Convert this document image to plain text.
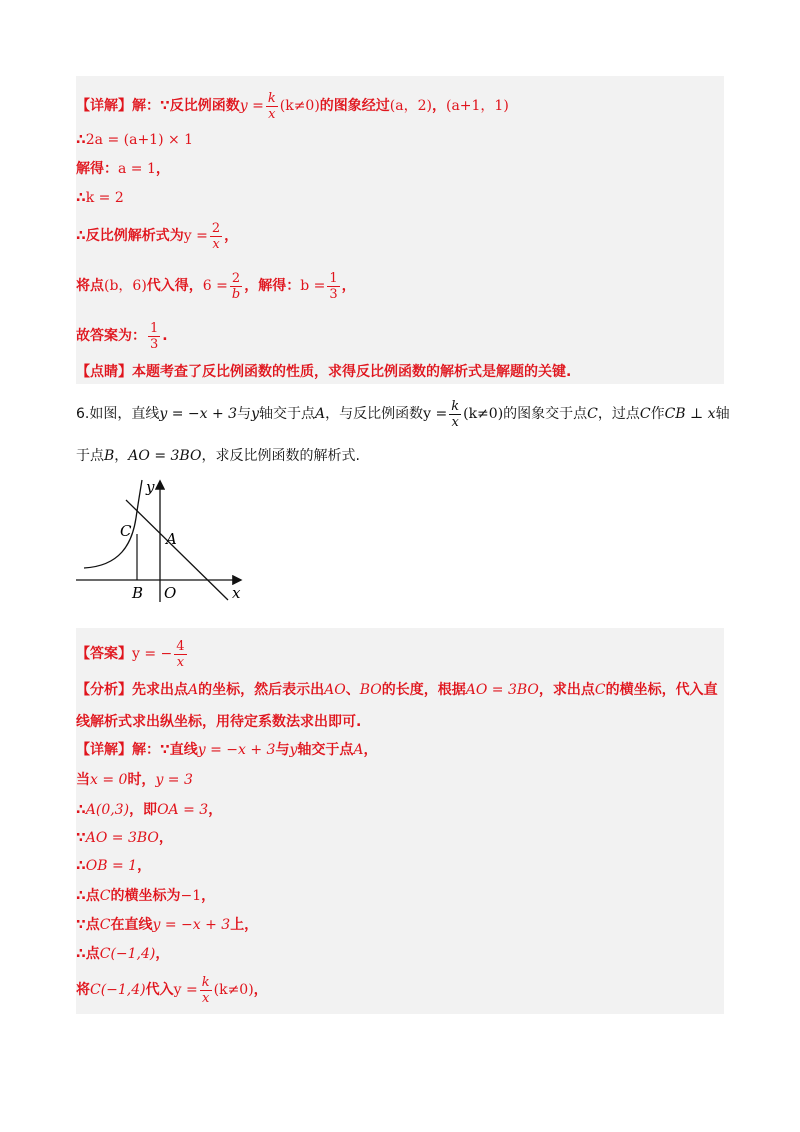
【详解】解：∵反比例函数$y = \frac{k}{x} (k\ne 0)$的图象经过(a，2)，(a+1，1)
∴2a = (a+1) × 1
解得：a = 1，
∴k = 2
∴反比例解析式为$y = \frac{2}{x}$ ，
将点(b，6)代入得，$6 = \frac{2}{b}$ ，解得：$b = \frac{1}{3}$ ，
故答案为： $\frac{1}{3}$ .
【点睛】本题考查了反比例函数的性质，求得反比例函数的解析式是解题的关键.
6.如图，直线y = −x + 3与y轴交于点A，与反比例函数$y = \frac{k}{x} (k\ne 0)$的图象交于点C，过点C作CB ⊥ x轴
于点B，AO = 3BO，求反比例函数的解析式.
y
x
C A
B O
【答案】y = − $\frac{4}{x}$
【分析】先求出点A的坐标，然后表示出AO、BO的长度，根据AO = 3BO，求出点C的横坐标，代入直
线解析式求出纵坐标，用待定系数法求出即可.
【详解】解：∵直线y = −x + 3与y轴交于点A，
当x = 0时，y = 3
∴A(0,3)，即OA = 3，
∵AO = 3BO，
∴OB = 1，
∴点C的横坐标为−1，
∵点C在直线y = −x + 3上，
∴点C(−1,4)，
将C(−1,4)代入$y = \frac{k}{x} (k\ne 0)$，
